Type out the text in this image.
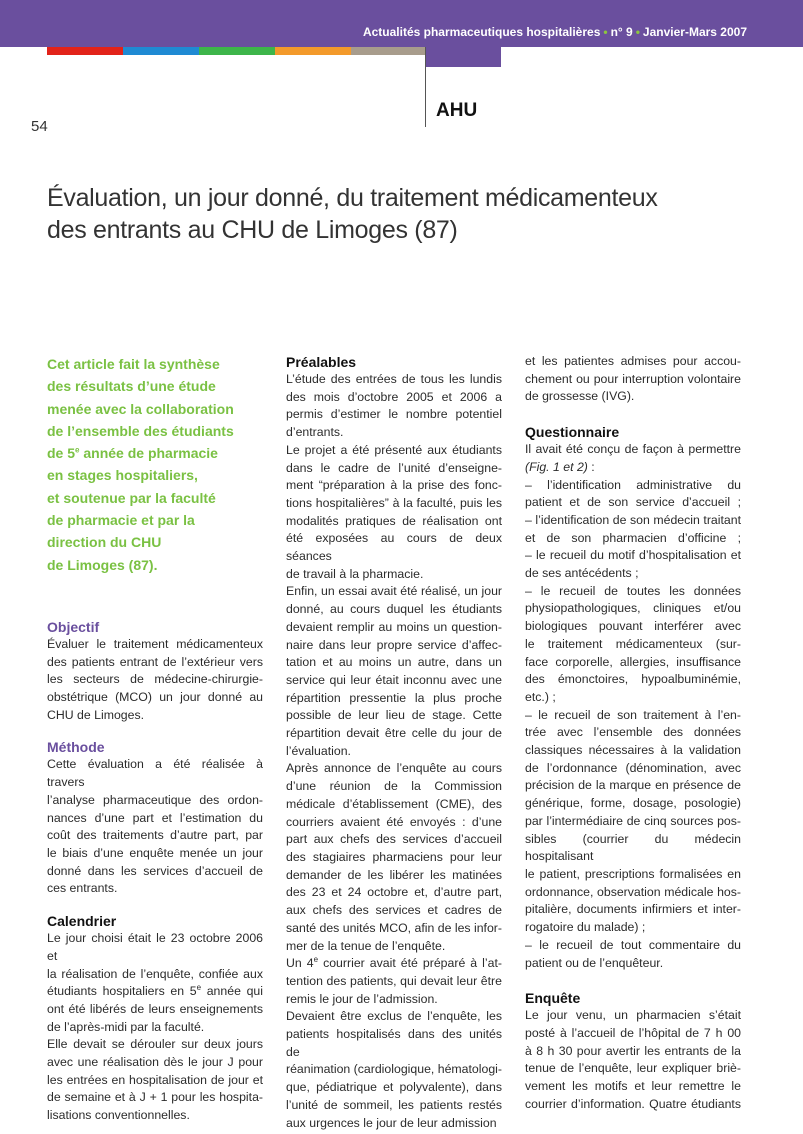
Actualités pharmaceutiques hospitalières • n° 9 • Janvier-Mars 2007
AHU
54
Évaluation, un jour donné, du traitement médicamenteux
des entrants au CHU de Limoges (87)
Cet article fait la synthèse
des résultats d’une étude
menée avec la collaboration
de l’ensemble des étudiants
de 5e année de pharmacie
en stages hospitaliers,
et soutenue par la faculté
de pharmacie et par la
direction du CHU
de Limoges (87).
Objectif
Évaluer le traitement médicamenteux
des patients entrant de l’extérieur vers
les secteurs de médecine-chirurgie-
obstétrique (MCO) un jour donné au
CHU de Limoges.
Méthode
Cette évaluation a été réalisée à travers
l’analyse pharmaceutique des ordon-
nances d’une part et l’estimation du
coût des traitements d’autre part, par
le biais d’une enquête menée un jour
donné dans les services d’accueil de
ces entrants.
Calendrier
Le jour choisi était le 23 octobre 2006 et
la réalisation de l’enquête, confiée aux
étudiants hospitaliers en 5e année qui
ont été libérés de leurs enseignements
de l’après-midi par la faculté.
Elle devait se dérouler sur deux jours
avec une réalisation dès le jour J pour
les entrées en hospitalisation de jour et
de semaine et à J + 1 pour les hospita-
lisations conventionnelles.
Préalables
L’étude des entrées de tous les lundis
des mois d’octobre 2005 et 2006 a
permis d’estimer le nombre potentiel
d’entrants.
Le projet a été présenté aux étudiants
dans le cadre de l’unité d’enseigne-
ment “préparation à la prise des fonc-
tions hospitalières” à la faculté, puis les
modalités pratiques de réalisation ont
été exposées au cours de deux séances
de travail à la pharmacie.
Enfin, un essai avait été réalisé, un jour
donné, au cours duquel les étudiants
devaient remplir au moins un question-
naire dans leur propre service d’affec-
tation et au moins un autre, dans un
service qui leur était inconnu avec une
répartition pressentie la plus proche
possible de leur lieu de stage. Cette
répartition devait être celle du jour de
l’évaluation.
Après annonce de l’enquête au cours
d’une réunion de la Commission
médicale d’établissement (CME), des
courriers avaient été envoyés : d’une
part aux chefs des services d’accueil
des stagiaires pharmaciens pour leur
demander de les libérer les matinées
des 23 et 24 octobre et, d’autre part,
aux chefs des services et cadres de
santé des unités MCO, afin de les infor-
mer de la tenue de l’enquête.
Un 4e courrier avait été préparé à l’at-
tention des patients, qui devait leur être
remis le jour de l’admission.
Devaient être exclus de l’enquête, les
patients hospitalisés dans des unités de
réanimation (cardiologique, hématologi-
que, pédiatrique et polyvalente), dans
l’unité de sommeil, les patients restés
aux urgences le jour de leur admission
et les patientes admises pour accou-
chement ou pour interruption volontaire
de grossesse (IVG).
Questionnaire
Il avait été conçu de façon à permettre
(Fig. 1 et 2) :
– l’identification administrative du
patient et de son service d’accueil ;
– l’identification de son médecin traitant
et de son pharmacien d’officine ;
– le recueil du motif d’hospitalisation et
de ses antécédents ;
– le recueil de toutes les données
physiopathologiques, cliniques et/ou
biologiques pouvant interférer avec
le traitement médicamenteux (sur-
face corporelle, allergies, insuffisance
des émonctoires, hypoalbuminémie,
etc.) ;
– le recueil de son traitement à l’en-
trée avec l’ensemble des données
classiques nécessaires à la validation
de l’ordonnance (dénomination, avec
précision de la marque en présence de
générique, forme, dosage, posologie)
par l’intermédiaire de cinq sources pos-
sibles (courrier du médecin hospitalisant
le patient, prescriptions formalisées en
ordonnance, observation médicale hos-
pitalière, documents infirmiers et inter-
rogatoire du malade) ;
– le recueil de tout commentaire du
patient ou de l’enquêteur.
Enquête
Le jour venu, un pharmacien s’était
posté à l’accueil de l’hôpital de 7 h 00
à 8 h 30 pour avertir les entrants de la
tenue de l’enquête, leur expliquer briè-
vement les motifs et leur remettre le
courrier d’information. Quatre étudiants
